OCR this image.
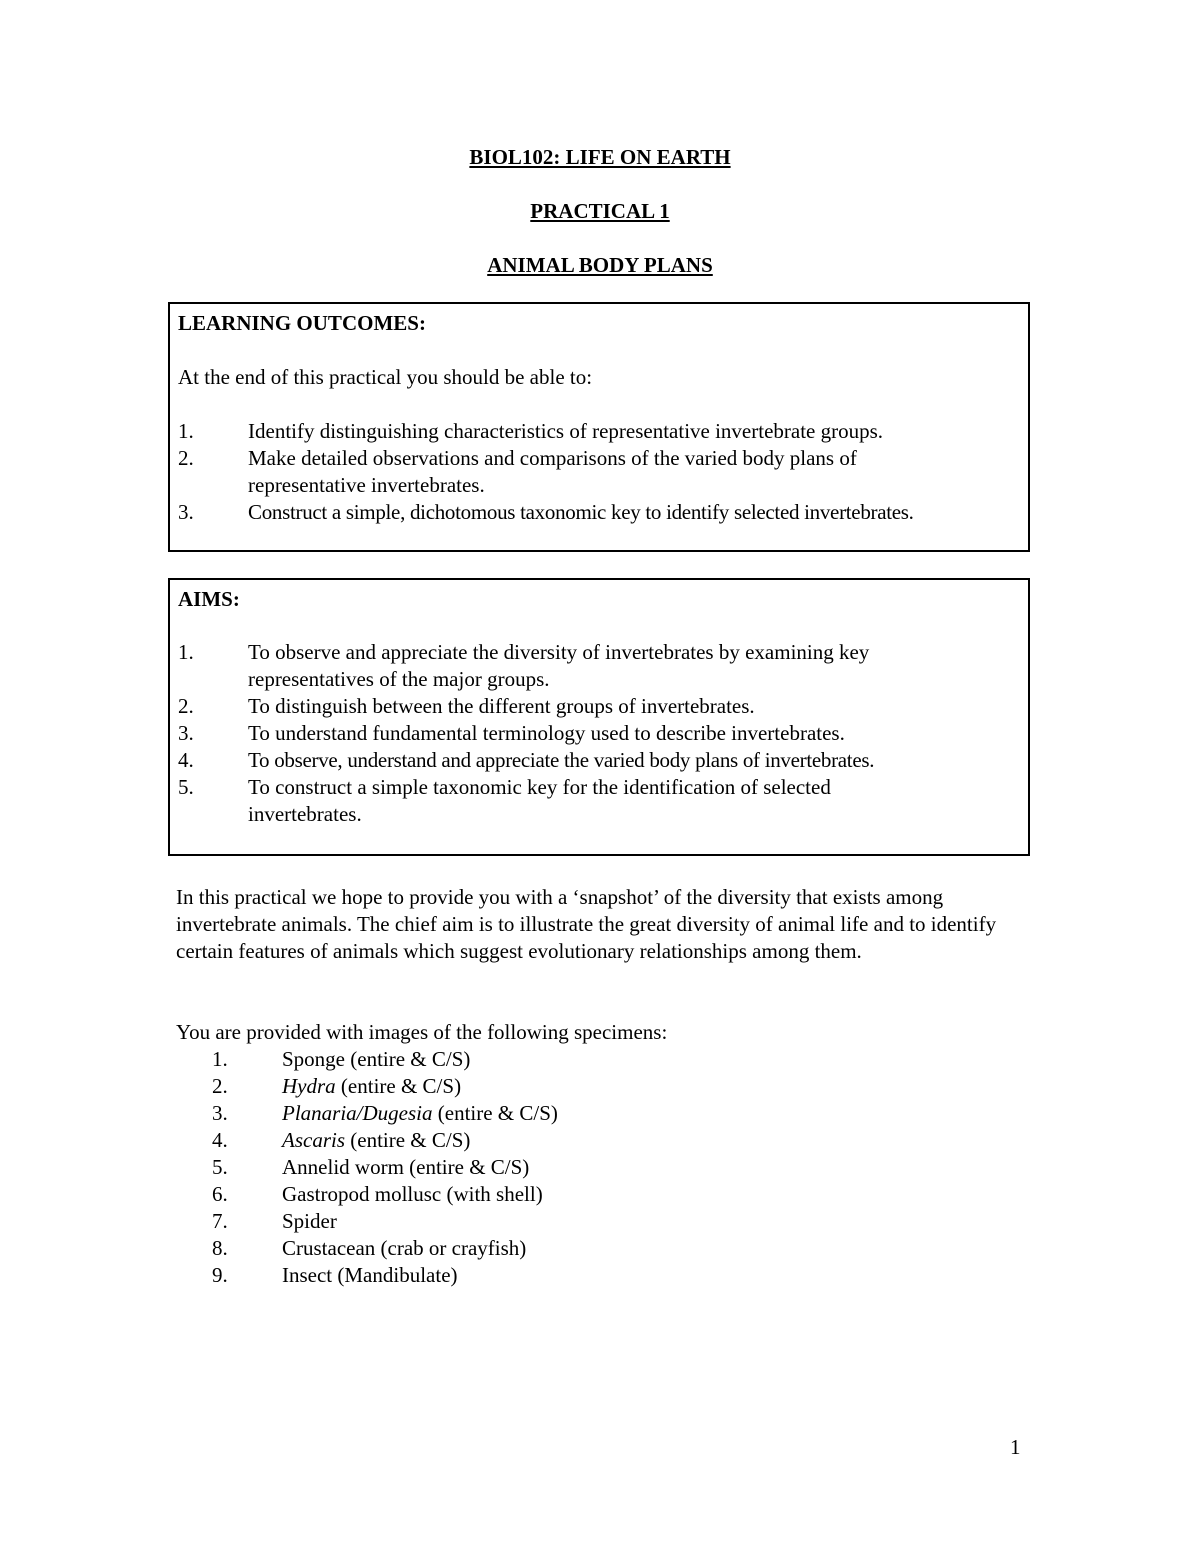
BIOL102: LIFE ON EARTH
PRACTICAL 1
ANIMAL BODY PLANS
LEARNING OUTCOMES:
At the end of this practical you should be able to:
1.	Identify distinguishing characteristics of representative invertebrate groups.
2.	Make detailed observations and comparisons of the varied body plans of representative invertebrates.
3.	Construct a simple, dichotomous taxonomic key to identify selected invertebrates.
AIMS:
1.	To observe and appreciate the diversity of invertebrates by examining key representatives of the major groups.
2.	To distinguish between the different groups of invertebrates.
3.	To understand fundamental terminology used to describe invertebrates.
4.	To observe, understand and appreciate the varied body plans of invertebrates.
5.	To construct a simple taxonomic key for the identification of selected invertebrates.

In this practical we hope to provide you with a ‘snapshot’ of the diversity that exists among invertebrate animals. The chief aim is to illustrate the great diversity of animal life and to identify certain features of animals which suggest evolutionary relationships among them.

You are provided with images of the following specimens:

1.	Sponge (entire & C/S)
2.	Hydra (entire & C/S)
3.	Planaria/Dugesia (entire & C/S)
4.	Ascaris (entire & C/S)
5.	Annelid worm (entire & C/S)
6.	Gastropod mollusc (with shell)
7.	Spider
8.	Crustacean (crab or crayfish)
9.	Insect (Mandibulate)
1
